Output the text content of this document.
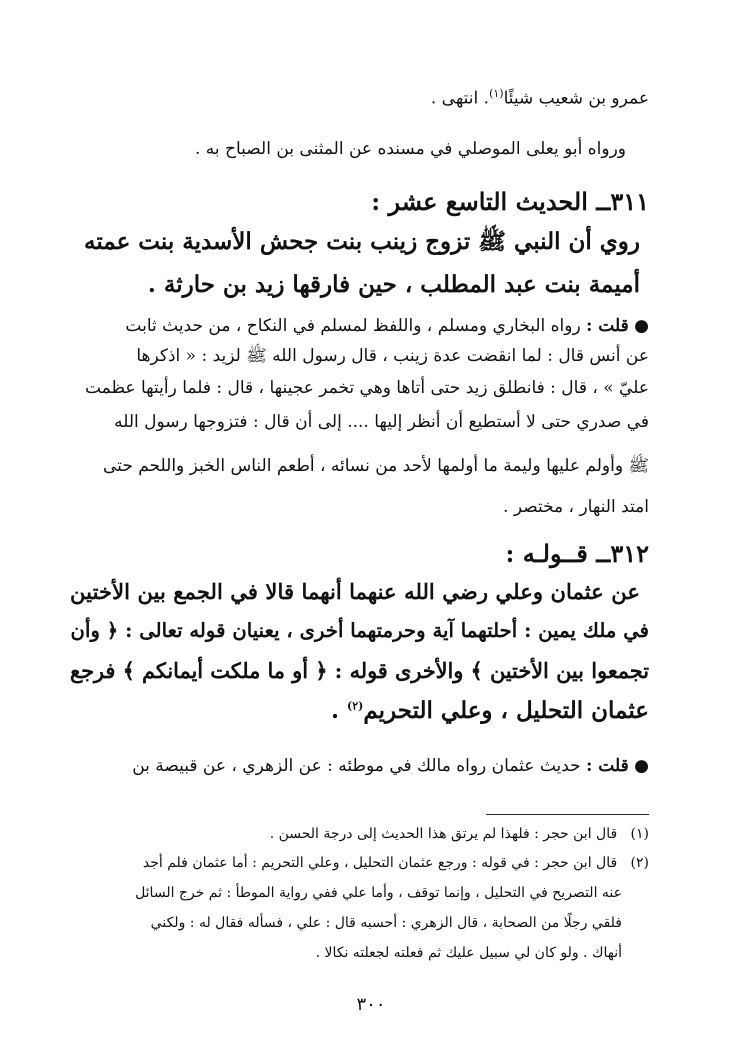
عمرو بن شعيب شيئًا$^{(١)}$. انتهى .

ورواه أبو يعلى الموصلي في مسنده عن المثنى بن الصباح به .

٣١١ــ الحديث التاسع عشر :

روي أن النبي ﷺ تزوج زينب بنت جحش الأسدية بنت عمته

أميمة بنت عبد المطلب ، حين فارقها زيد بن حارثة .

● قلت : رواه البخاري ومسلم ، واللفظ لمسلم في النكاح ، من حديث ثابت

عن أنس قال : لما انقضت عدة زينب ، قال رسول الله ﷺ لزيد : « اذكرها

عليّ » ، قال : فانطلق زيد حتى أتاها وهي تخمر عجينها ، قال : فلما رأيتها عظمت

في صدري حتى لا أستطيع أن أنظر إليها .... إلى أن قال : فتزوجها رسول الله

ﷺ وأولم عليها وليمة ما أولمها لأحد من نسائه ، أطعم الناس الخبز واللحم حتى

امتد النهار ، مختصر .

٣١٢ــ قــولـه :

عن عثمان وعلي رضي الله عنهما أنهما قالا في الجمع بين الأختين

في ملك يمين : أحلتهما آية وحرمتهما أخرى ، يعنيان قوله تعالى : ﴿ وأن

تجمعوا بين الأختين ﴾ والأخرى قوله : ﴿ أو ما ملكت أيمانكم ﴾ فرجع

عثمان التحليل ، وعلي التحريم$^{(٢)}$ .

● قلت : حديث عثمان رواه مالك في موطئه : عن الزهري ، عن قبيصة بن

(١)   قال ابن حجر : فلهذا لم يرتق هذا الحديث إلى درجة الحسن .

(٢)   قال ابن حجر : في قوله : ورجع عثمان التحليل ، وعلي التحريم : أما عثمان فلم أجد

عنه التصريح في التحليل ، وإنما توقف ، وأما علي ففي رواية الموطأ : ثم خرج السائل

فلقي رجلًا من الصحابة ، قال الزهري : أحسبه قال : علي ، فسأله فقال له : ولكني

أنهاك . ولو كان لي سبيل عليك ثم فعلته لجعلته نكالا .

٣٠٠
